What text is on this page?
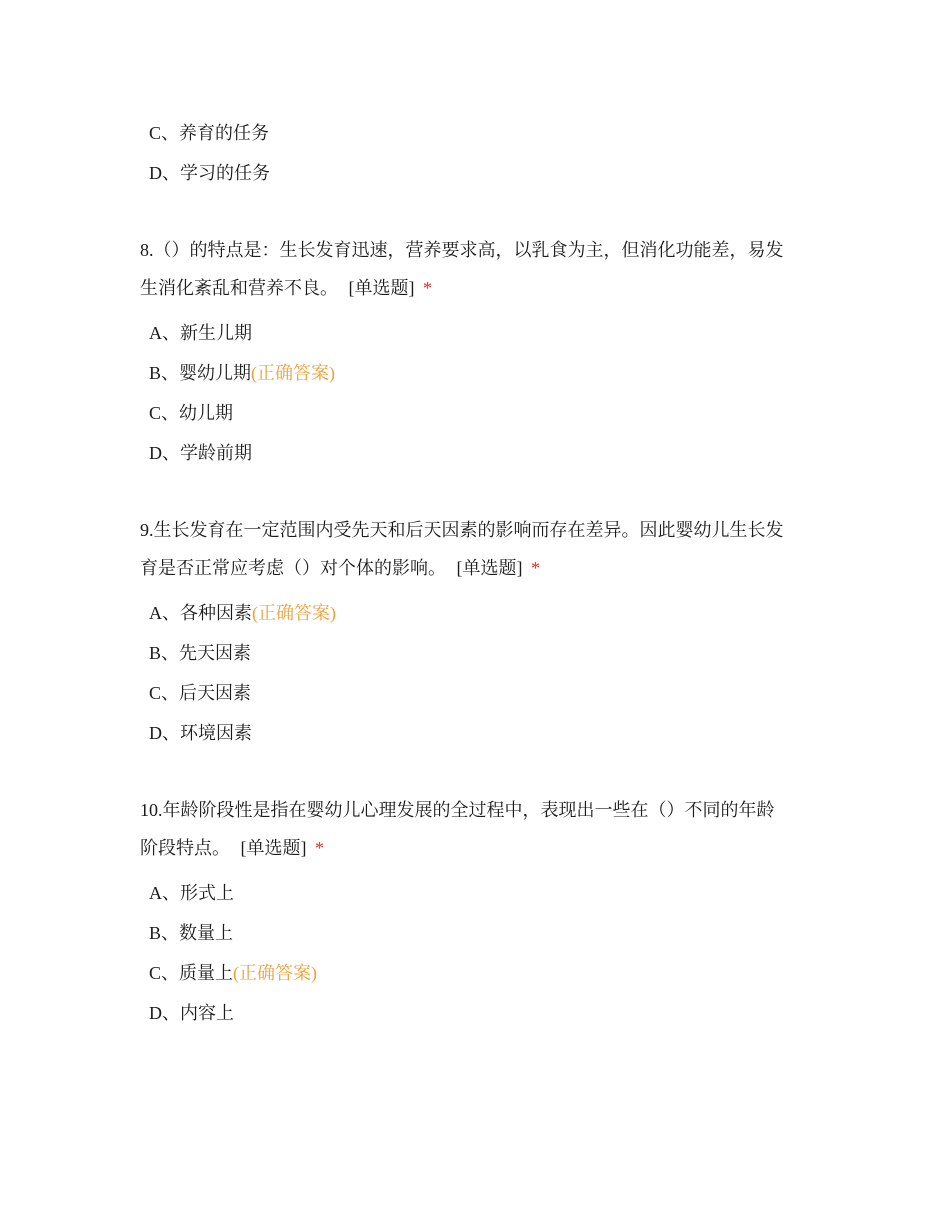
C、养育的任务
D、学习的任务
8.（）的特点是：生长发育迅速，营养要求高，以乳食为主，但消化功能差，易发
生消化紊乱和营养不良。 [单选题] *
A、新生儿期
B、婴幼儿期(正确答案)
C、幼儿期
D、学龄前期
9.生长发育在一定范围内受先天和后天因素的影响而存在差异。因此婴幼儿生长发
育是否正常应考虑（）对个体的影响。 [单选题] *
A、各种因素(正确答案)
B、先天因素
C、后天因素
D、环境因素
10.年龄阶段性是指在婴幼儿心理发展的全过程中，表现出一些在（）不同的年龄
阶段特点。 [单选题] *
A、形式上
B、数量上
C、质量上(正确答案)
D、内容上
